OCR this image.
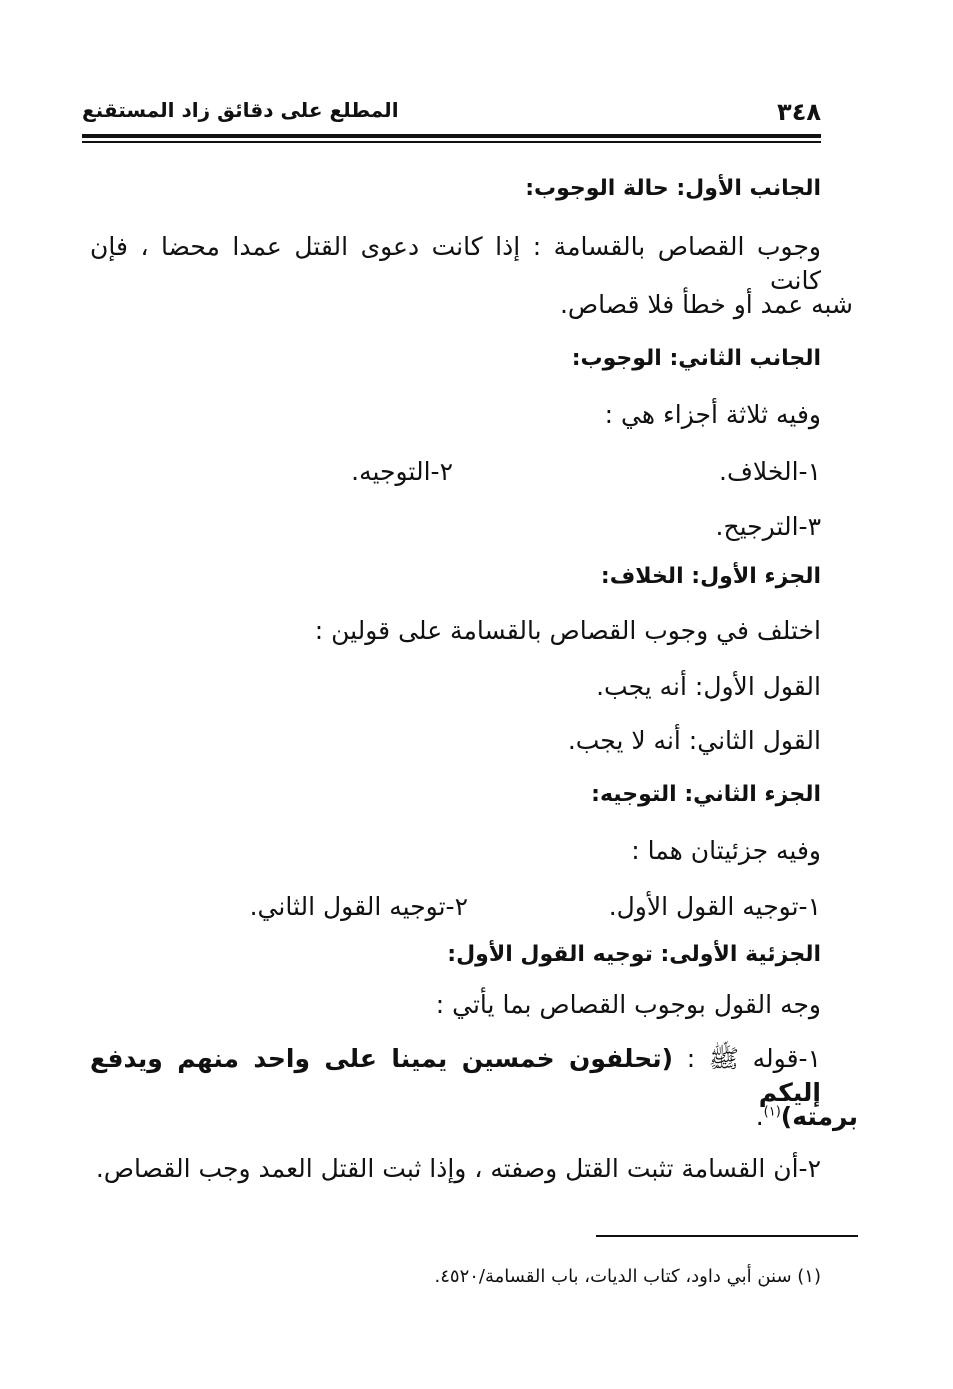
٣٤٨
المطلع على دقائق زاد المستقنع
الجانب الأول: حالة الوجوب:
وجوب القصاص بالقسامة : إذا كانت دعوى القتل عمدا محضا ، فإن كانت
شبه عمد أو خطأ فلا قصاص.
الجانب الثاني: الوجوب:
وفيه ثلاثة أجزاء هي :
١-الخلاف.
٢-التوجيه.
٣-الترجيح.
الجزء الأول: الخلاف:
اختلف في وجوب القصاص بالقسامة على قولين :
القول الأول: أنه يجب.
القول الثاني: أنه لا يجب.
الجزء الثاني: التوجيه:
وفيه جزئيتان هما :
١-توجيه القول الأول.
٢-توجيه القول الثاني.
الجزئية الأولى: توجيه القول الأول:
وجه القول بوجوب القصاص بما يأتي :
١-قوله ﷺ : (تحلفون خمسين يمينا على واحد منهم ويدفع إليكم
برمته)$^{(١)}$.
٢-أن القسامة تثبت القتل وصفته ، وإذا ثبت القتل العمد وجب القصاص.
(١) سنن أبي داود، كتاب الديات، باب القسامة/٤٥٢٠.
